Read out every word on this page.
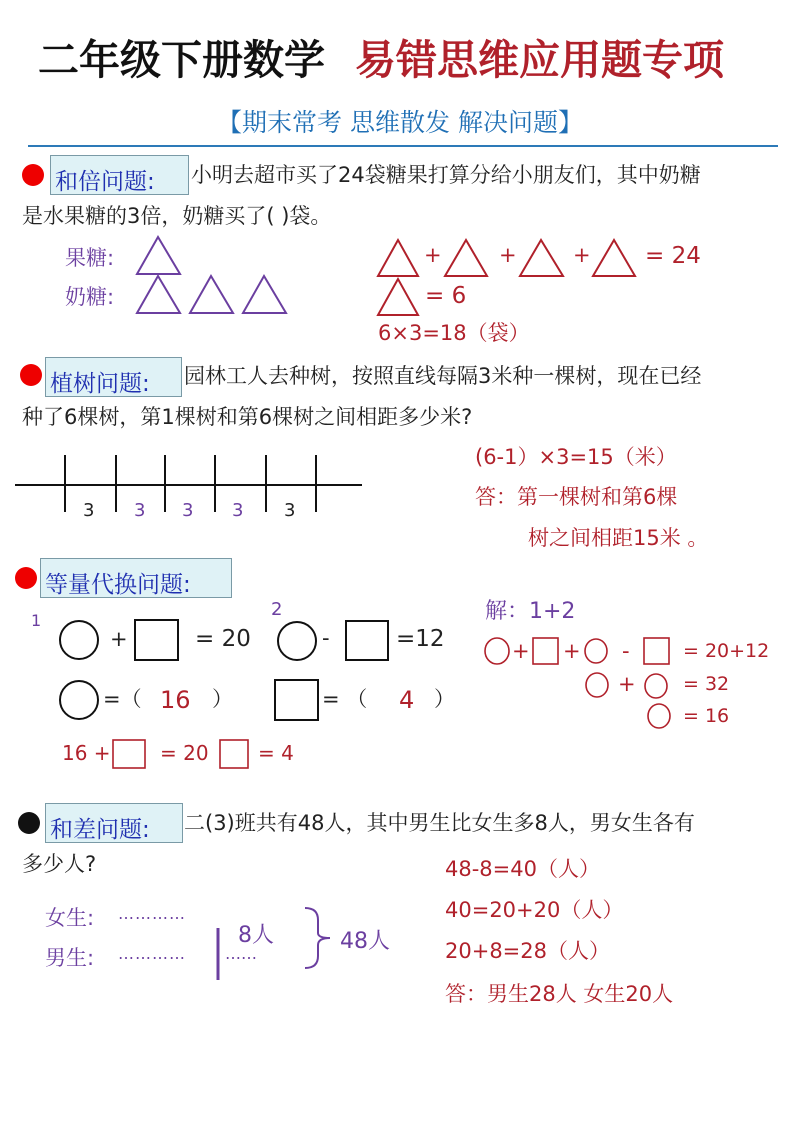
二年级下册数学 易错思维应用题专项
【期末常考 思维散发 解决问题】
和倍问题: 小明去超市买了24袋糖果打算分给小朋友们，其中奶糖
是水果糖的3倍，奶糖买了( )袋。
果糖:
奶糖:
+	+	+ = 24
= 6
6×3=18（袋）
植树问题: 园林工人去种树，按照直线每隔3米种一棵树，现在已经
种了6棵树，第1棵树和第6棵树之间相距多少米?
3 3 3 3 3
(6-1）×3=15（米）
答：第一棵树和第6棵
树之间相距15米 。
等量代换问题:
1
2
+	= 20	-	=12
=（ 16 ）	= （ 4 ）
16 + = 20 = 4
解：1+2
+ + -	= 20+12
+ = 32
= 16
和差问题: 二(3)班共有48人，其中男生比女生多8人，男女生各有
多少人?
女生: …………
男生: ………… ……
8人	48人
48-8=40（人）
40=20+20（人）
20+8=28（人）
答：男生28人 女生20人
